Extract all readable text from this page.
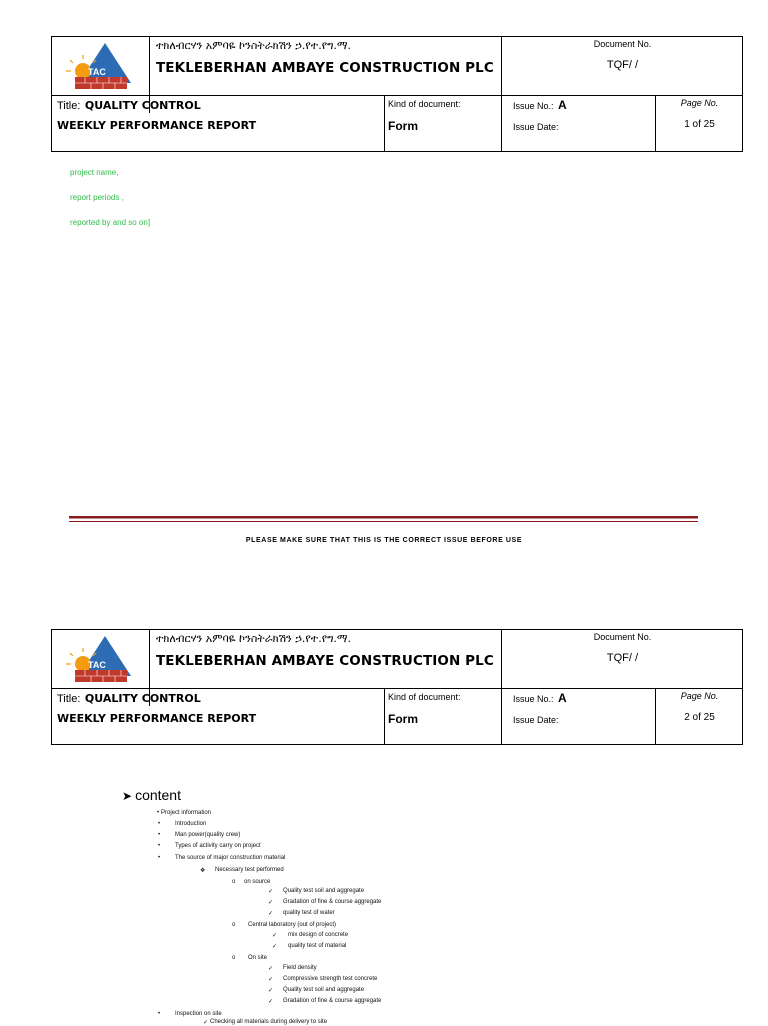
TAC
ተክለብርሃን አምባዬ ኮንስትራክሽን ኃ.የተ.የግ.ማ.
TEKLEBERHAN AMBAYE CONSTRUCTION PLC
Document No.
TQF/ /
Title: QUALITY CONTROL
WEEKLY PERFORMANCE REPORT
Kind of document:
Form
Issue No.: A
Issue Date:
Page No.
1 of 25
project name,
report periods ,
reported by and so on]
PLEASE MAKE SURE THAT THIS IS THE CORRECT ISSUE BEFORE USE
TAC
ተክለብርሃን አምባዬ ኮንስትራክሽን ኃ.የተ.የግ.ማ.
TEKLEBERHAN AMBAYE CONSTRUCTION PLC
Document No.
TQF/ /
Title: QUALITY CONTROL
WEEKLY PERFORMANCE REPORT
Kind of document:
Form
Issue No.: A
Issue Date:
Page No.
2 of 25
➤ content
• Project information
• Introduction
• Man power(quality crew)
• Types of activity carry on project
• The source of major construction material
❖ Necessary test performed
o on source
✓ Quality test soil and aggregate
✓ Gradation of fine & course aggregate
✓ quality test of water
o Central laboratory (out of project)
✓ mix design of concrete
✓ quality test of material
o On site
✓ Field density
✓ Compressive strength test concrete
✓ Quality test soil and aggregate
✓ Gradation of fine & course aggregate
• Inspection on site
✓ Checking all materials during delivery to site
